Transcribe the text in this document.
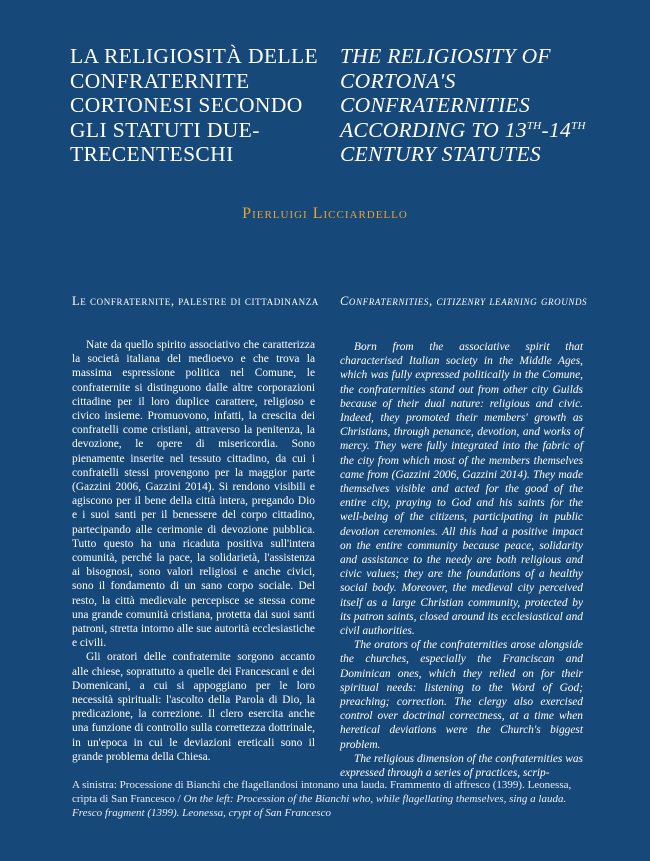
LA RELIGIOSITÀ DELLE CONFRATERNITE CORTONESI SECONDO GLI STATUTI DUE-TRECENTESCHI
THE RELIGIOSITY OF CORTONA'S CONFRATERNITIES ACCORDING TO 13TH-14TH CENTURY STATUTES
Pierluigi Licciardello
Le confraternite, palestre di cittadinanza	Confraternities, citizenry learning grounds

Nate da quello spirito associativo che caratterizza la società italiana del medioevo e che trova la massima espressione politica nel Comune, le confraternite si distinguono dalle altre corporazioni cittadine per il loro duplice carattere, religioso e civico insieme. Promuovono, infatti, la crescita dei confratelli come cristiani, attraverso la penitenza, la devozione, le opere di misericordia. Sono pienamente inserite nel tessuto cittadino, da cui i confratelli stessi provengono per la maggior parte (Gazzini 2006, Gazzini 2014). Si rendono visibili e agiscono per il bene della città intera, pregando Dio e i suoi santi per il benessere del corpo cittadino, partecipando alle cerimonie di devozione pubblica. Tutto questo ha una ricaduta positiva sull'intera comunità, perché la pace, la solidarietà, l'assistenza ai bisognosi, sono valori religiosi e anche civici, sono il fondamento di un sano corpo sociale. Del resto, la città medievale percepisce se stessa come una grande comunità cristiana, protetta dai suoi santi patroni, stretta intorno alle sue autorità ecclesiastiche e civili.

Gli oratori delle confraternite sorgono accanto alle chiese, soprattutto a quelle dei Francescani e dei Domenicani, a cui si appoggiano per le loro necessità spirituali: l'ascolto della Parola di Dio, la predicazione, la correzione. Il clero esercita anche una funzione di controllo sulla correttezza dottrinale, in un'epoca in cui le deviazioni ereticali sono il grande problema della Chiesa.

Born from the associative spirit that characterised Italian society in the Middle Ages, which was fully expressed politically in the Comune, the confraternities stand out from other city Guilds because of their dual nature: religious and civic. Indeed, they promoted their members' growth as Christians, through penance, devotion, and works of mercy. They were fully integrated into the fabric of the city from which most of the members themselves came from (Gazzini 2006, Gazzini 2014). They made themselves visible and acted for the good of the entire city, praying to God and his saints for the well-being of the citizens, participating in public devotion ceremonies. All this had a positive impact on the entire community because peace, solidarity and assistance to the needy are both religious and civic values; they are the foundations of a healthy social body. Moreover, the medieval city perceived itself as a large Christian community, protected by its patron saints, closed around its ecclesiastical and civil authorities.

The orators of the confraternities arose alongside the churches, especially the Franciscan and Dominican ones, which they relied on for their spiritual needs: listening to the Word of God; preaching; correction. The clergy also exercised control over doctrinal correctness, at a time when heretical deviations were the Church's biggest problem.

The religious dimension of the confraternities was expressed through a series of practices, scrip-

A sinistra: Processione di Bianchi che flagellandosi intonano una lauda. Frammento di affresco (1399). Leonessa, cripta di San Francesco / On the left: Procession of the Bianchi who, while flagellating themselves, sing a lauda. Fresco fragment (1399). Leonessa, crypt of San Francesco
